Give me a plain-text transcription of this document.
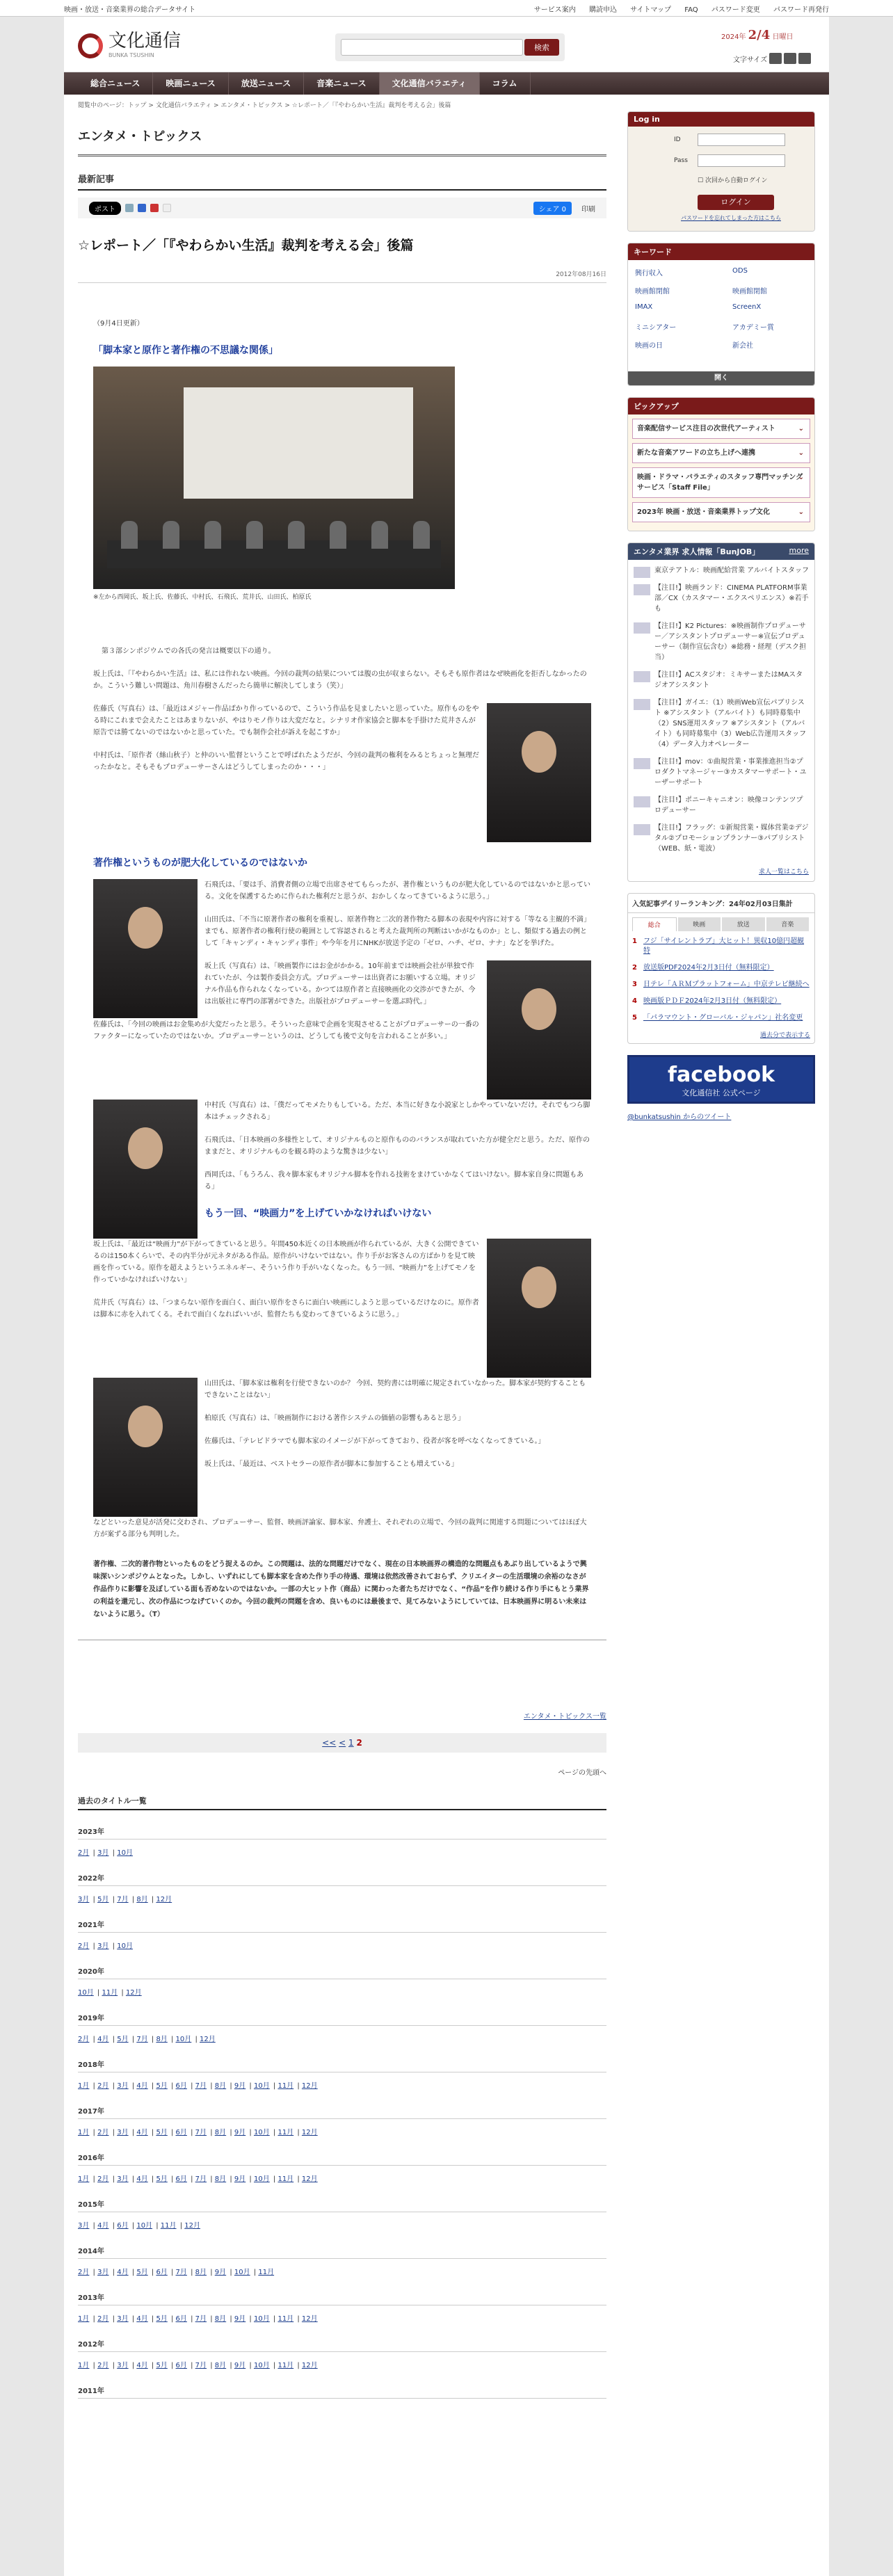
映画・放送・音楽業界の総合データサイト	サービス案内 購読申込 サイトマップ FAQ パスワード変更 パスワード再発行
文化通信
BUNKA TSUSHIN
検索
2024年 2/4 日曜日
文字サイズ
総合ニュース	映画ニュース	放送ニュース	音楽ニュース	文化通信バラエティ	コラム
閲覧中のページ：トップ > 文化通信バラエティ > エンタメ・トピックス > ☆レポート／「『やわらかい生活』裁判を考える会」後篇
エンタメ・トピックス
最新記事
ポスト	シェア 0	印刷
☆レポート／「『やわらかい生活』裁判を考える会」後篇
2012年08月16日
（9月4日更新）
「脚本家と原作と著作権の不思議な関係」
※左から西岡氏、坂上氏、佐藤氏、中村氏、石飛氏、荒井氏、山田氏、柏原氏

第３部シンポジウムでの各氏の発言は概要以下の通り。

坂上氏は、「『やわらかい生活』は、私には作れない映画。今回の裁判の結果については腹の虫が収まらない。そもそも原作者はなぜ映画化を拒否しなかったのか。こういう難しい問題は、角川春樹さんだったら簡単に解決してしまう（笑）」

佐藤氏（写真右）は、「最近はメジャー作品ばかり作っているので、こういう作品を見ましたいと思っていた。原作ものをやる時にこれまで会えたことはあまりないが、やはりモノ作りは大変だなと。シナリオ作家協会と脚本を手掛けた荒井さんが原告では勝てないのではないかと思っていた。でも制作会社が訴えを起こすか」

中村氏は、「原作者（絲山秋子）と仲のいい監督ということで呼ばれたようだが、今回の裁判の権利をみるとちょっと無理だったかなと。そもそもプロデューサーさんはどうしてしまったのか・・・」

著作権というものが肥大化しているのではないか

石飛氏は、「要は手、消費者側の立場で出席させてもらったが、著作権というものが肥大化しているのではないかと思っている。文化を保護するために作られた権利だと思うが、おかしくなってきているように思う。」

山田氏は、「不当に原著作者の権利を重視し、原著作物と二次的著作物たる脚本の表現や内容に対する「等なる主観的不満」までも、原著作者の権利行使の範囲として容認されると考えた裁判所の判断はいかがなものか」とし、類似する過去の例として「キャンディ・キャンディ事件」や今年を月にNHKが放送予定の「ゼロ、ハチ、ゼロ、ナナ」などを挙げた。

坂上氏（写真右）は、「映画製作にはお金がかかる。10年前までは映画会社が単独で作れていたが、今は製作委員会方式。プロデューサーは出資者にお願いする立場。オリジナル作品も作られなくなっている。かつては原作者と直接映画化の交渉ができたが、今は出版社に専門の部署ができた。出版社がプロデューサーを選ぶ時代。」

佐藤氏は、「今回の映画はお金集めが大変だったと思う。そういった意味で企画を実現させることがプロデューサーの一番のファクターになっていたのではないか。プロデューサーというのは、どうしても後で文句を言われることが多い。」

中村氏（写真右）は、「僕だってモメたりもしている。ただ、本当に好きな小説家としかやっていないだけ。それでもつら脚本はチェックされる」

石飛氏は、「日本映画の多様性として、オリジナルものと原作もののバランスが取れていた方が健全だと思う。ただ、原作のままだと、オリジナルものを観る時のような驚きは少ない」

西岡氏は、「もうろん、我々脚本家もオリジナル脚本を作れる技術をまけていかなくてはいけない。脚本家自身に問題もある」

もう一回、“映画力”を上げていかなければいけない

坂上氏は、「最近は“映画力”が下がってきていると思う。年間450本近くの日本映画が作られているが、大きく公開できているのは150本くらいで、その内半分が元ネタがある作品。原作がいけないではない。作り手がお客さんの方ばかりを見て映画を作っている。原作を超えようというエネルギー、そういう作り手がいなくなった。もう一回、“映画力”を上げてモノを作っていかなければいけない」

荒井氏（写真右）は、「つまらない原作を面白く、面白い原作をさらに面白い映画にしようと思っているだけなのに。原作者は脚本に赤を入れてくる。それで面白くなればいいが、監督たちも変わってきているように思う。」

山田氏は、「脚本家は権利を行使できないのか？ 今回、契約書には明確に規定されていなかった。脚本家が契約することもできないことはない」

柏原氏（写真右）は、「映画制作における著作システムの価値の影響もあると思う」

佐藤氏は、「テレビドラマでも脚本家のイメージが下がってきており、役者が客を呼べなくなってきている。」

坂上氏は、「最近は、ベストセラーの原作者が脚本に参加することも増えている」

などといった意見が活発に交わされ、プロデューサー、監督、映画評論家、脚本家、弁護士、それぞれの立場で、今回の裁判に関連する問題についてはほぼ大方が案ずる部分も判明した。

著作権、二次的著作物といったものをどう捉えるのか。この問題は、法的な問題だけでなく、現在の日本映画界の構造的な問題点もあぶり出しているようで興味深いシンポジウムとなった。しかし、いずれにしても脚本家を含めた作り手の待遇、環境は依然改善されておらず、クリエイターの生活環境の余裕のなさが作品作りに影響を及ぼしている面も否めないのではないか。一部の大ヒット作（商品）に関わった者たちだけでなく、“作品”を作り続ける作り手にもとう業界の利益を還元し、次の作品につなげていくのか。今回の裁判の問題を含め、良いものには最後まで、見てみないようにしていては、日本映画界に明るい未来はないように思う。（T）
エンタメ・トピックス一覧
<< < 1 2
ページの先頭へ
過去のタイトル一覧
2023年
2月 | 3月 | 10月
2022年
3月 | 5月 | 7月 | 8月 | 12月
2021年
2月 | 3月 | 10月
2020年
10月 | 11月 | 12月
2019年
2月 | 4月 | 5月 | 7月 | 8月 | 10月 | 12月
2018年
1月 | 2月 | 3月 | 4月 | 5月 | 6月 | 7月 | 8月 | 9月 | 10月 | 11月 | 12月
2017年
1月 | 2月 | 3月 | 4月 | 5月 | 6月 | 7月 | 8月 | 9月 | 10月 | 11月 | 12月
2016年
1月 | 2月 | 3月 | 4月 | 5月 | 6月 | 7月 | 8月 | 9月 | 10月 | 11月 | 12月
2015年
3月 | 4月 | 6月 | 10月 | 11月 | 12月
2014年
2月 | 3月 | 4月 | 5月 | 6月 | 7月 | 8月 | 9月 | 10月 | 11月
2013年
1月 | 2月 | 3月 | 4月 | 5月 | 6月 | 7月 | 8月 | 9月 | 10月 | 11月 | 12月
2012年
1月 | 2月 | 3月 | 4月 | 5月 | 6月 | 7月 | 8月 | 9月 | 10月 | 11月 | 12月
2011年
Log in
ID
Pass
☐ 次回から自動ログイン
ログイン
パスワードを忘れてしまった方はこちら
キーワード
興行収入	ODS
映画館閉館	映画館閉館
IMAX	ScreenX
ミニシアター	アカデミー賞
映画の日	新会社
開く
ピックアップ
音楽配信サービス注目の次世代アーティスト ⌄
新たな音楽アワードの立ち上げへ連携 ⌄
映画・ドラマ・バラエティのスタッフ専門マッチングサービス「Staff File」 ⌄
2023年 映画・放送・音楽業界トップ文化 ⌄
エンタメ業界 求人情報「BunJOB」	more
東京テアトル：映画配給営業 アルバイトスタッフ
【注目!】映画ランド：CINEMA PLATFORM事業部／CX（カスタマー・エクスペリエンス）※若手も
【注目!】K2 Pictures：※映画制作プロデューサー／アシスタントプロデューサー※宣伝プロデューサー（制作宣伝含む）※総務・経理（デスク担当）
【注目!】ACスタジオ：ミキサーまたはMAスタジオアシスタント
【注目!】ガイエ：（1）映画Web宣伝パブリシスト ※アシスタント（アルバイト）も同時募集中（2）SNS運用スタッフ ※アシスタント（アルバイト）も同時募集中（3）Web広告運用スタッフ（4）データ入力オペレーター
【注目!】mov：①曲規営業・事業推進担当②プロダクトマネージャー③カスタマーサポート・ユーザーサポート
【注目!】ポニーキャニオン：映像コンテンツプロデューサー
【注目!】フラッグ：①新規営業・媒体営業②デジタル②プロモーションプランナー③パブリシスト（WEB、紙・電波）
求人一覧はこちら
入気記事デイリーランキング：24年02月03日集計
総合	映画	放送	音楽
1 フジ「サイレントラブ」大ヒット！異収10億円超観特
2 放送版PDF2024年2月3日付（無料限定）
3 日テレ「ＡＲＭプラットフォーム」中京テレビ継続へ
4 映画版ＰＤＦ2024年2月3日付（無料限定）
5 「パラマウント・グローバル・ジャパン」社名変更
過去分で表示する
facebook
文化通信社 公式ページ
@bunkatsushin からのツイート
